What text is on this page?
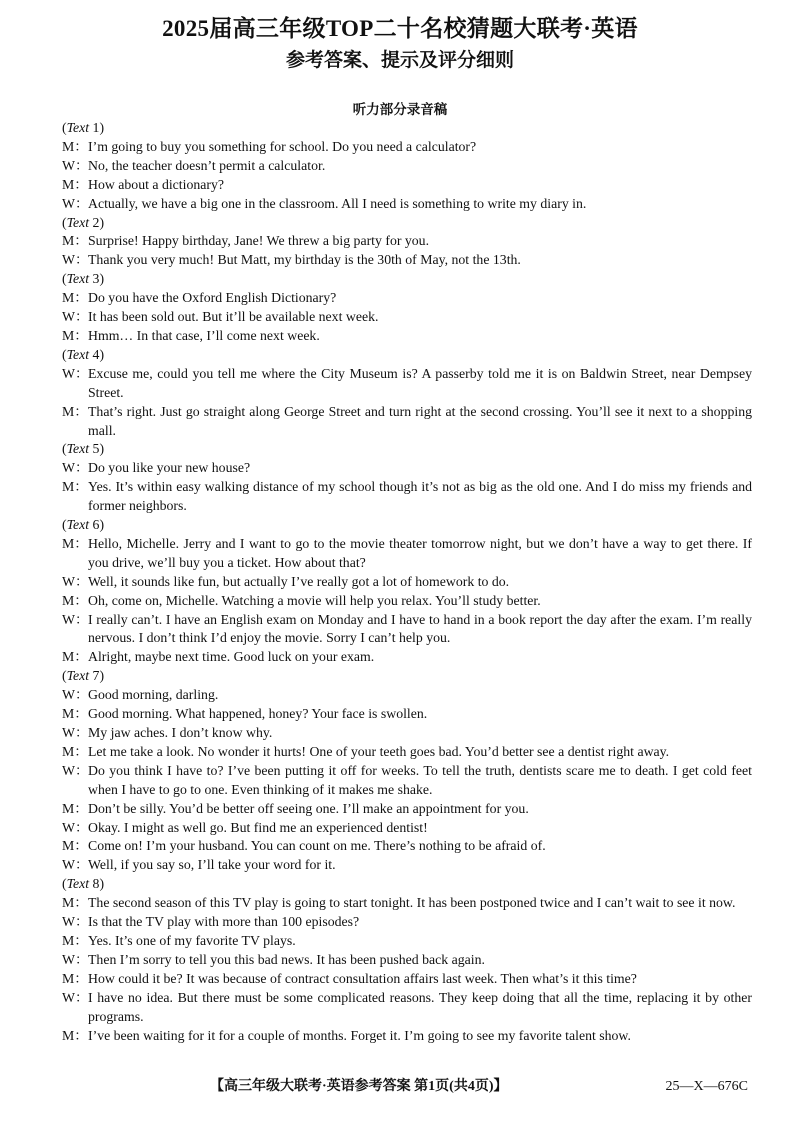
2025届高三年级TOP二十名校猜题大联考·英语
参考答案、提示及评分细则
听力部分录音稿
(Text 1)
M： I’m going to buy you something for school. Do you need a calculator?
W： No, the teacher doesn’t permit a calculator.
M： How about a dictionary?
W： Actually, we have a big one in the classroom. All I need is something to write my diary in.
(Text 2)
M： Surprise! Happy birthday, Jane! We threw a big party for you.
W： Thank you very much! But Matt, my birthday is the 30th of May, not the 13th.
(Text 3)
M： Do you have the Oxford English Dictionary?
W： It has been sold out. But it’ll be available next week.
M： Hmm… In that case, I’ll come next week.
(Text 4)
W： Excuse me, could you tell me where the City Museum is? A passerby told me it is on Baldwin Street, near Dempsey Street.
M： That’s right. Just go straight along George Street and turn right at the second crossing. You’ll see it next to a shopping mall.
(Text 5)
W： Do you like your new house?
M： Yes. It’s within easy walking distance of my school though it’s not as big as the old one. And I do miss my friends and former neighbors.
(Text 6)
M： Hello, Michelle. Jerry and I want to go to the movie theater tomorrow night, but we don’t have a way to get there. If you drive, we’ll buy you a ticket. How about that?
W： Well, it sounds like fun, but actually I’ve really got a lot of homework to do.
M： Oh, come on, Michelle. Watching a movie will help you relax. You’ll study better.
W： I really can’t. I have an English exam on Monday and I have to hand in a book report the day after the exam. I’m really nervous. I don’t think I’d enjoy the movie. Sorry I can’t help you.
M： Alright, maybe next time. Good luck on your exam.
(Text 7)
W： Good morning, darling.
M： Good morning. What happened, honey? Your face is swollen.
W： My jaw aches. I don’t know why.
M： Let me take a look. No wonder it hurts! One of your teeth goes bad. You’d better see a dentist right away.
W： Do you think I have to? I’ve been putting it off for weeks. To tell the truth, dentists scare me to death. I get cold feet when I have to go to one. Even thinking of it makes me shake.
M： Don’t be silly. You’d be better off seeing one. I’ll make an appointment for you.
W： Okay. I might as well go. But find me an experienced dentist!
M： Come on! I’m your husband. You can count on me. There’s nothing to be afraid of.
W： Well, if you say so, I’ll take your word for it.
(Text 8)
M： The second season of this TV play is going to start tonight. It has been postponed twice and I can’t wait to see it now.
W： Is that the TV play with more than 100 episodes?
M： Yes. It’s one of my favorite TV plays.
W： Then I’m sorry to tell you this bad news. It has been pushed back again.
M： How could it be? It was because of contract consultation affairs last week. Then what’s it this time?
W： I have no idea. But there must be some complicated reasons. They keep doing that all the time, replacing it by other programs.
M： I’ve been waiting for it for a couple of months. Forget it. I’m going to see my favorite talent show.
【高三年级大联考·英语参考答案 第1页(共4页)】	25—X—676C
